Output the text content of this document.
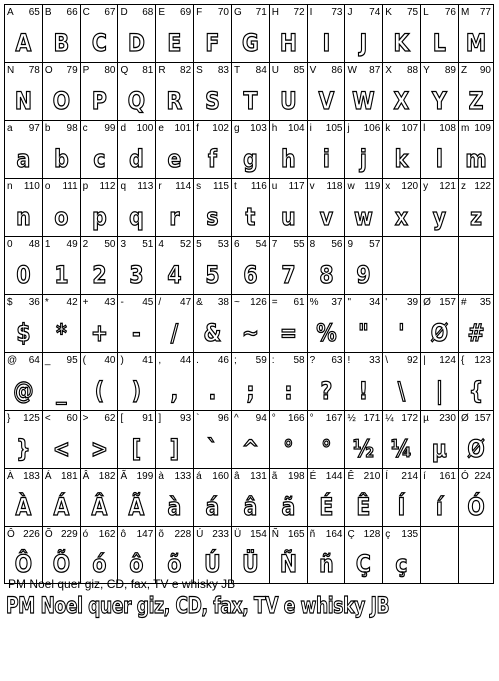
A 65
A
B 66
B
C 67
C
D 68
D
E 69
E
F 70
F
G 71
G
H 72
H
I 73
I
J 74
J
K 75
K
L 76
L
M 77
M
N 78
N
O 79
O
P 80
P
Q 81
Q
R 82
R
S 83
S
T 84
T
U 85
U
V 86
V
W 87
W
X 88
X
Y 89
Y
Z 90
Z
a 97
a
b 98
b
c 99
c
d 100
d
e 101
e
f 102
f
g 103
g
h 104
h
i 105
i
j 106
j
k 107
k
l 108
l
m 109
m
n 110
n
o 111
o
p 112
p
q 113
q
r 114
r
s 115
s
t 116
t
u 117
u
v 118
v
w 119
w
x 120
x
y 121
y
z 122
z
0 48
0
1 49
1
2 50
2
3 51
3
4 52
4
5 53
5
6 54
6
7 55
7
8 56
8
9 57
9
$ 36
$
* 42
*
+ 43
+
- 45
-
/ 47
/
& 38
&
~ 126
~
= 61
=
% 37
%
" 34
"
' 39
'
Ø 157
Ø
# 35
#
@ 64
@
_ 95
_
( 40
(
) 41
)
, 44
,
. 46
.
; 59
;
: 58
:
? 63
?
! 33
!
\ 92
\
| 124
|
{ 123
{
} 125
}
< 60
<
> 62
>
[ 91
[
] 93
]
` 96
`
^ 94
^
° 166
°
° 167
°
½ 171
½
¼ 172
¼
µ 230
µ
Ø 157
Ø
À 183
À
Á 181
Á
Â 182
Â
Ã 199
Ã
à 133
à
á 160
á
â 131
â
ã 198
ã
É 144
É
Ê 210
Ê
Í 214
Í
í 161
í
Ó 224
Ó
Ô 226
Ô
Õ 229
Õ
ó 162
ó
ô 147
ô
õ 228
õ
Ú 233
Ú
Ü 154
Ü
Ñ 165
Ñ
ñ 164
ñ
Ç 128
Ç
ç 135
ç
PM Noel quer giz, CD, fax, TV e whisky JB
PM Noel quer giz, CD, fax, TV e whisky JB
